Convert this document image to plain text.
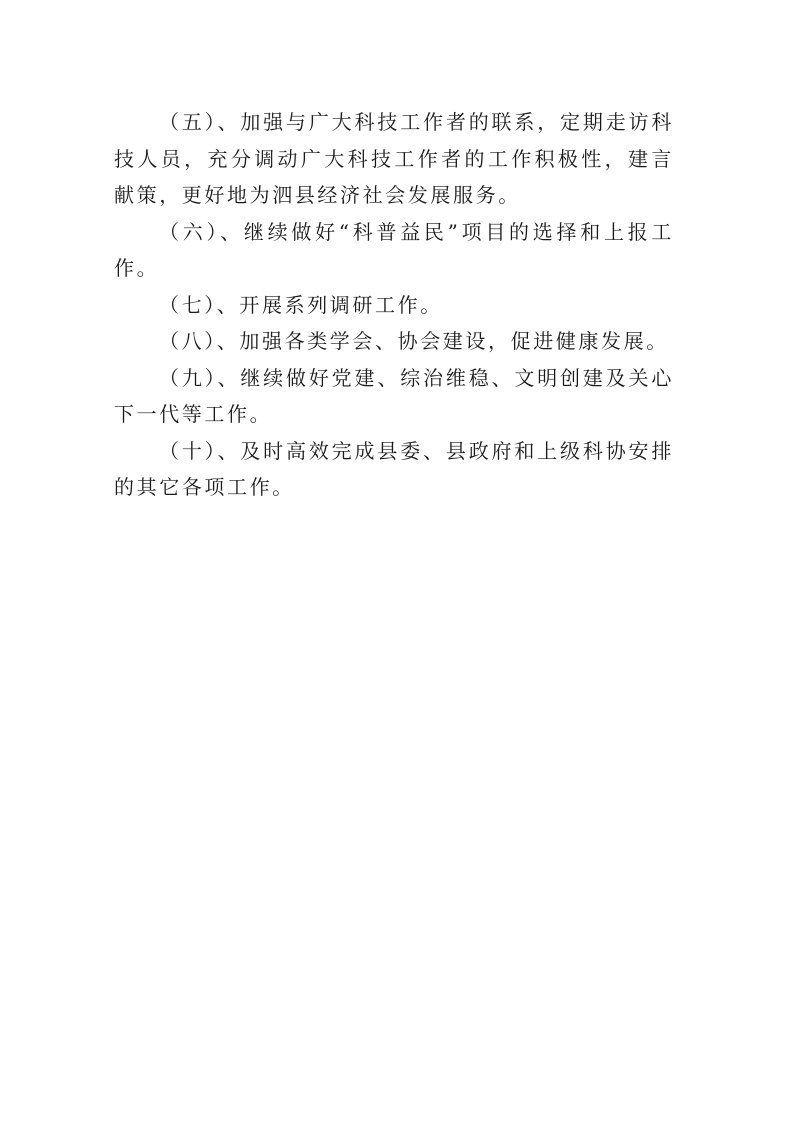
（五）、加强与广大科技工作者的联系，定期走访科技人员，充分调动广大科技工作者的工作积极性，建言献策，更好地为泗县经济社会发展服务。

（六）、继续做好“科普益民”项目的选择和上报工作。

（七）、开展系列调研工作。

（八）、加强各类学会、协会建设，促进健康发展。

（九）、继续做好党建、综治维稳、文明创建及关心下一代等工作。

（十）、及时高效完成县委、县政府和上级科协安排的其它各项工作。
